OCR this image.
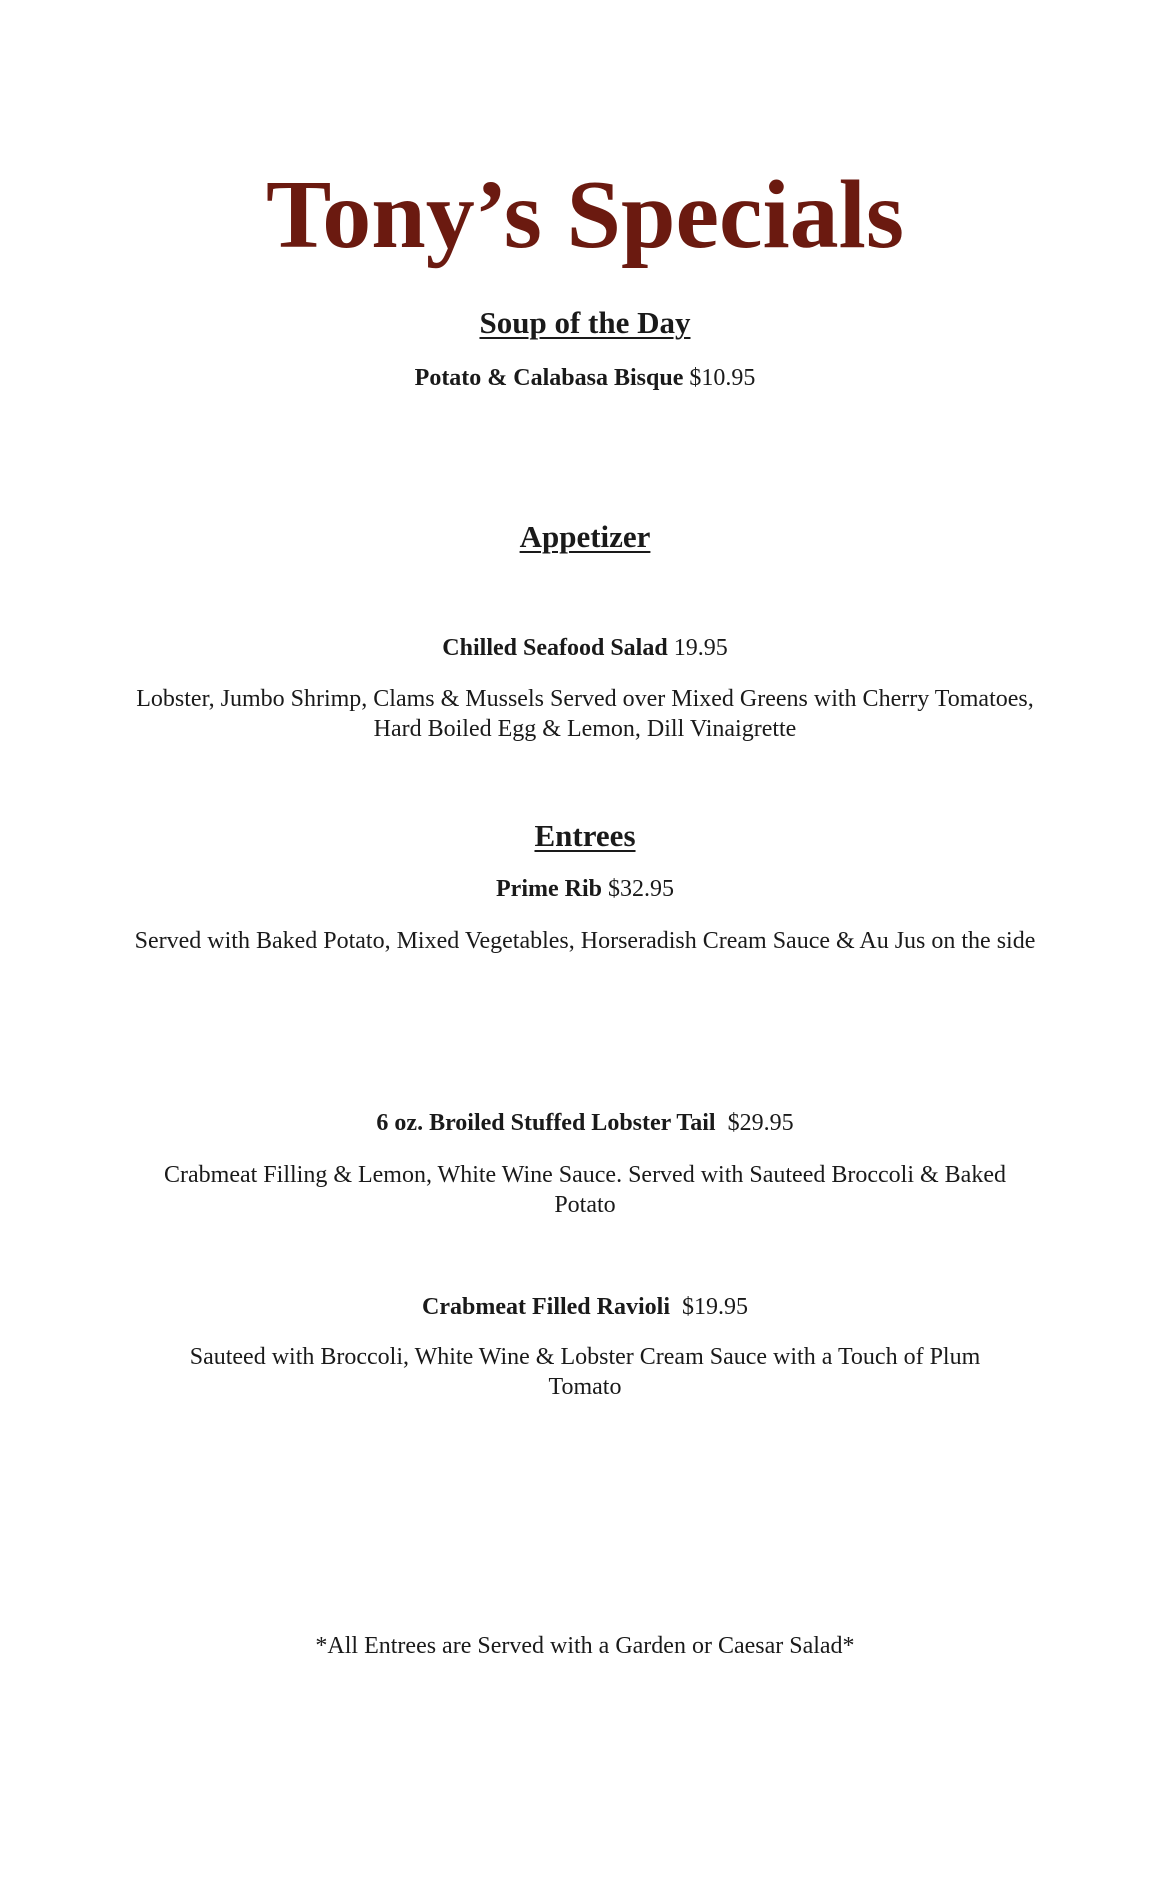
Tony’s Specials
Soup of the Day
Potato & Calabasa Bisque $10.95
Appetizer
Chilled Seafood Salad 19.95
Lobster, Jumbo Shrimp, Clams & Mussels Served over Mixed Greens with Cherry Tomatoes, Hard Boiled Egg & Lemon, Dill Vinaigrette
Entrees
Prime Rib $32.95
Served with Baked Potato, Mixed Vegetables, Horseradish Cream Sauce & Au Jus on the side
6 oz. Broiled Stuffed Lobster Tail $29.95
Crabmeat Filling & Lemon, White Wine Sauce. Served with Sauteed Broccoli & Baked Potato
Crabmeat Filled Ravioli $19.95
Sauteed with Broccoli, White Wine & Lobster Cream Sauce with a Touch of Plum Tomato
*All Entrees are Served with a Garden or Caesar Salad*
